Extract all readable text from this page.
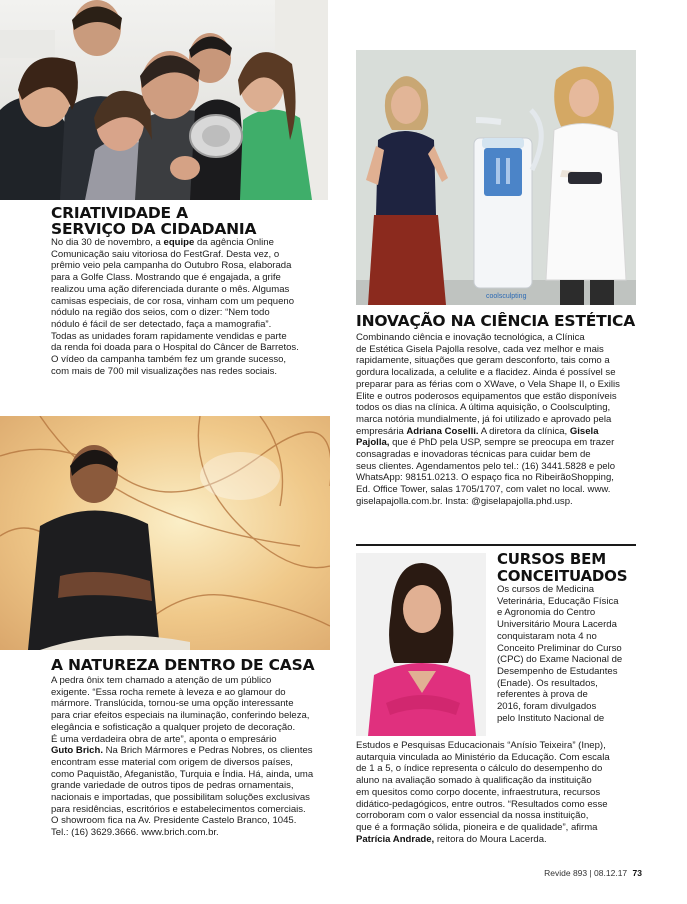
coolsculpting
CRIATIVIDADE A
SERVIÇO DA CIDADANIA
No dia 30 de novembro, a equipe da agência Online
Comunicação saiu vitoriosa do FestGraf. Desta vez, o
prêmio veio pela campanha do Outubro Rosa, elaborada
para a Golfe Class. Mostrando que é engajada, a grife
realizou uma ação diferenciada durante o mês. Algumas
camisas especiais, de cor rosa, vinham com um pequeno
nódulo na região dos seios, com o dizer: “Nem todo
nódulo é fácil de ser detectado, faça a mamografia”.
Todas as unidades foram rapidamente vendidas e parte
da renda foi doada para o Hospital do Câncer de Barretos.
O vídeo da campanha também fez um grande sucesso,
com mais de 700 mil visualizações nas redes sociais.
INOVAÇÃO NA CIÊNCIA ESTÉTICA
Combinando ciência e inovação tecnológica, a Clínica
de Estética Gisela Pajolla resolve, cada vez melhor e mais
rapidamente, situações que geram desconforto, tais como a
gordura localizada, a celulite e a flacidez. Ainda é possível se
preparar para as férias com o XWave, o Vela Shape II, o Exilis
Elite e outros poderosos equipamentos que estão disponíveis
todos os dias na clínica. A última aquisição, o Coolsculpting,
marca notória mundialmente, já foi utilizado e aprovado pela
empresária Adriana Coselli. A diretora da clínica, Gisela
Pajolla, que é PhD pela USP, sempre se preocupa em trazer
consagradas e inovadoras técnicas para cuidar bem de
seus clientes. Agendamentos pelo tel.: (16) 3441.5828 e pelo
WhatsApp: 98151.0213. O espaço fica no RibeirãoShopping,
Ed. Office Tower, salas 1705/1707, com valet no local. www.
giselapajolla.com.br. Insta: @giselapajolla.phd.usp.
A NATUREZA DENTRO DE CASA
A pedra ônix tem chamado a atenção de um público
exigente. “Essa rocha remete à leveza e ao glamour do
mármore. Translúcida, tornou-se uma opção interessante
para criar efeitos especiais na iluminação, conferindo beleza,
elegância e sofisticação a qualquer projeto de decoração.
É uma verdadeira obra de arte”, aponta o empresário
Guto Brich. Na Brich Mármores e Pedras Nobres, os clientes
encontram esse material com origem de diversos países,
como Paquistão, Afeganistão, Turquia e Índia. Há, ainda, uma
grande variedade de outros tipos de pedras ornamentais,
nacionais e importadas, que possibilitam soluções exclusivas
para residências, escritórios e estabelecimentos comerciais.
O showroom fica na Av. Presidente Castelo Branco, 1045.
Tel.: (16) 3629.3666. www.brich.com.br.
CURSOS BEM
CONCEITUADOS
Os cursos de Medicina
Veterinária, Educação Física
e Agronomia do Centro
Universitário Moura Lacerda
conquistaram nota 4 no
Conceito Preliminar do Curso
(CPC) do Exame Nacional de
Desempenho de Estudantes
(Enade). Os resultados,
referentes à prova de
2016, foram divulgados
pelo Instituto Nacional de
Estudos e Pesquisas Educacionais “Anísio Teixeira” (Inep),
autarquia vinculada ao Ministério da Educação. Com escala
de 1 a 5, o índice representa o cálculo do desempenho do
aluno na avaliação somado à qualificação da instituição
em quesitos como corpo docente, infraestrutura, recursos
didático-pedagógicos, entre outros. “Resultados como esse
corroboram com o valor essencial da nossa instituição,
que é a formação sólida, pioneira e de qualidade”, afirma
Patrícia Andrade, reitora do Moura Lacerda.
Revide 893 | 08.12.17 73
